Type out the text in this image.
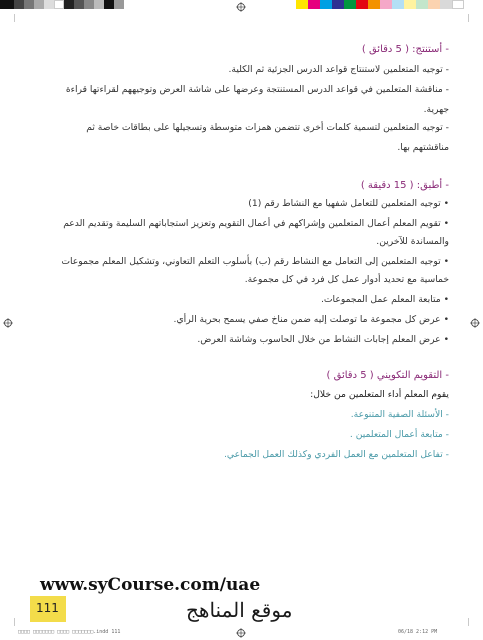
- أستنتج: ( 5 دقائق )
- توجيه المتعلمين لاستنتاج قواعد الدرس الجزئية ثم الكلية.
- مناقشة المتعلمين في قواعد الدرس المستنتجة وعرضها على شاشة العرض وتوجيههم لقراءتها قراءة
جهرية.
- توجيه المتعلمين لتسمية كلمات أخرى تتضمن همزات متوسطة وتسجيلها على بطاقات خاصة ثم
مناقشتهم بها.
- أطبق: ( 15 دقيقة )
• توجيه المتعلمين للتعامل شفهيا مع النشاط رقم (1)
• تقويم المعلم أعمال المتعلمين وإشراكهم في أعمال التقويم وتعزيز استجاباتهم السليمة وتقديم الدعم
والمساندة للآخرين.
• توجيه المتعلمين إلى التعامل مع النشاط رقم (ب) بأسلوب التعلم التعاوني، وتشكيل المعلم مجموعات
خماسية مع تحديد أدوار عمل كل فرد في كل مجموعة.
• متابعة المعلم عمل المجموعات.
• عرض كل مجموعة ما توصلت إليه ضمن مناخ صفي يسمح بحرية الرأي.
• عرض المعلم إجابات النشاط من خلال الحاسوب وشاشة العرض.
- التقويم التكويني ( 5 دقائق )
يقوم المعلم أداء المتعلمين من خلال:
- الأسئلة الصفية المتنوعة.
- متابعة أعمال المتعلمين .
- تفاعل المتعلمين مع العمل الفردي وكذلك العمل الجماعي.
www.syCourse.com/uae
111	موقع المناهج
□□□□ □□□□□□□ □□□□ □□□□□□□.indd 111	06/18 2:12 PM
